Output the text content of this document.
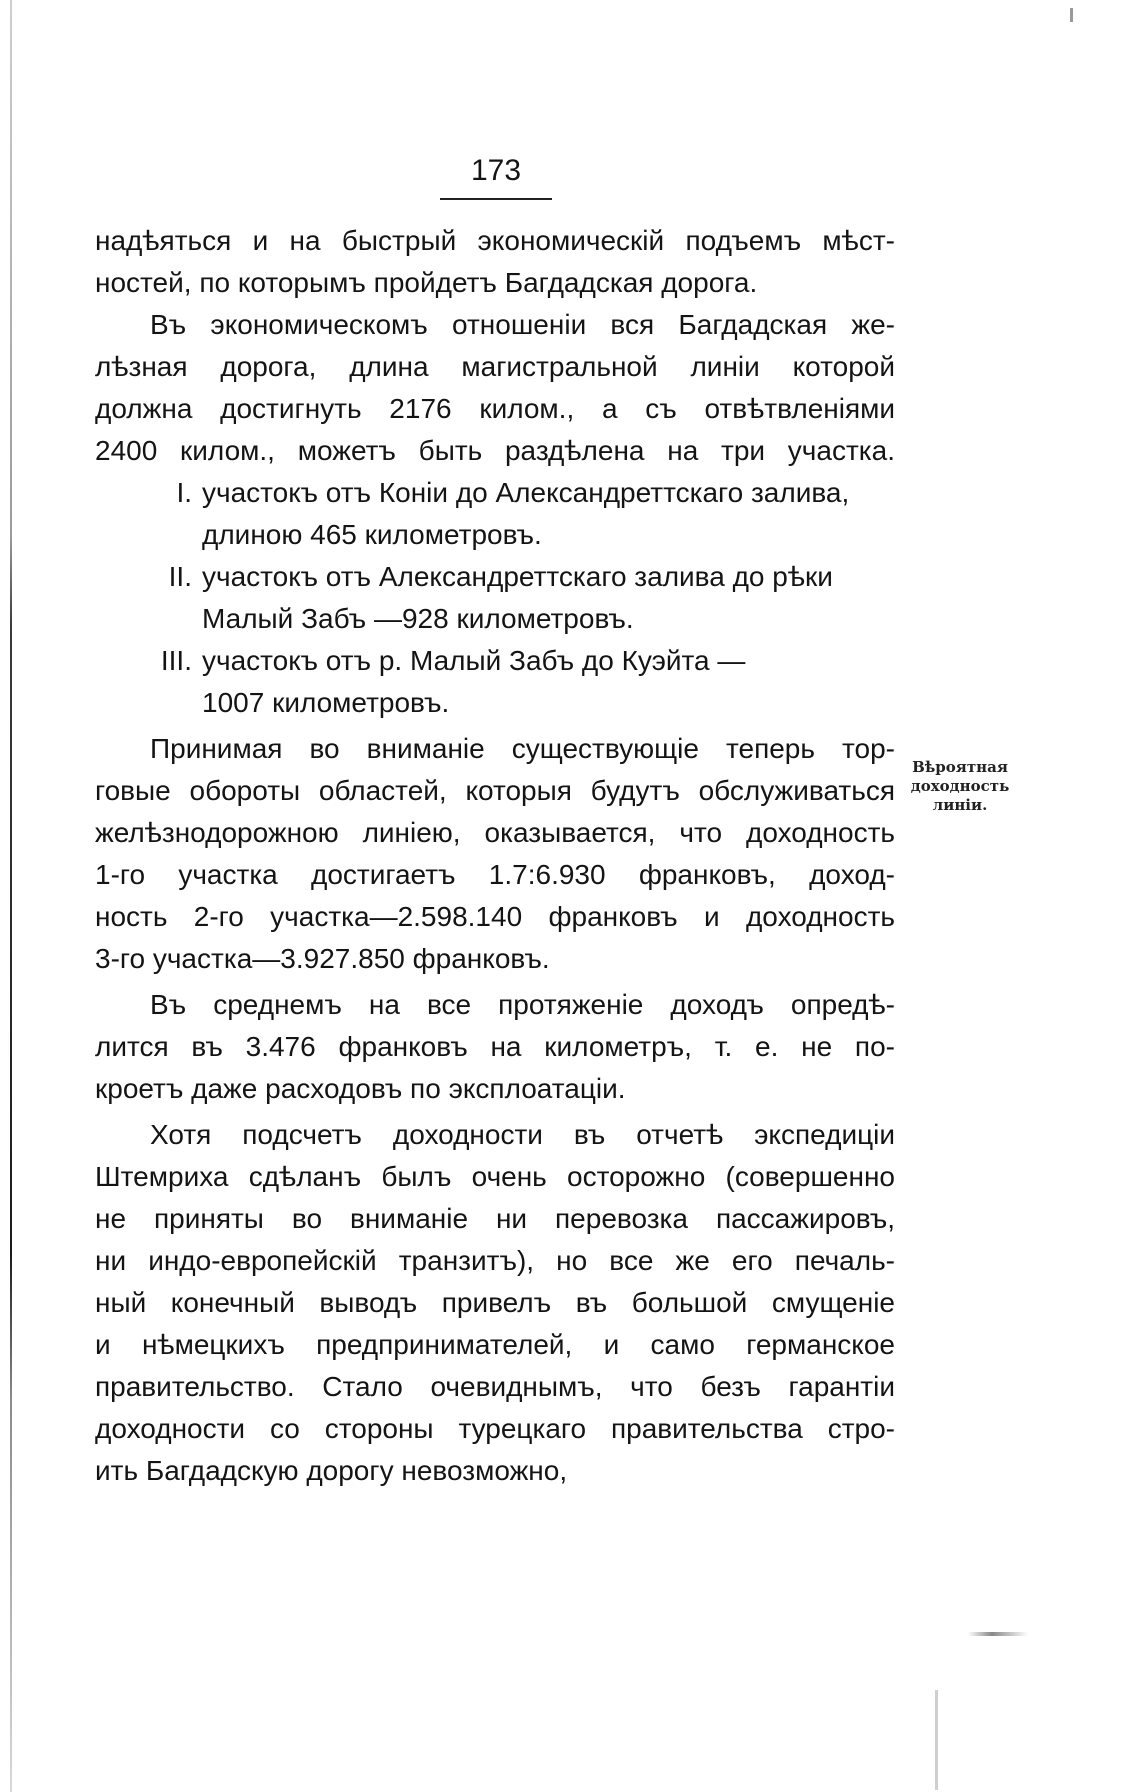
173
надѣяться и на быстрый экономическій подъемъ мѣст-
ностей, по которымъ пройдетъ Багдадская дорога.
Въ экономическомъ отношеніи вся Багдадская же-
лѣзная дорога, длина магистральной линіи которой
должна достигнуть 2176 килом., а съ отвѣтвленіями
2400 килом., можетъ быть раздѣлена на три участка.
I. участокъ отъ Коніи до Александреттскаго залива,
длиною 465 километровъ.
II. участокъ отъ Александреттскаго залива до рѣки
Малый Забъ —928 километровъ.
III. участокъ отъ р. Малый Забъ до Куэйта —
1007 километровъ.
Принимая во вниманіе существующіе теперь тор-
говые обороты областей, которыя будутъ обслуживаться
желѣзнодорожною линіею, оказывается, что доходность
1-го участка достигаетъ 1.7:6.930 франковъ, доход-
ность 2-го участка—2.598.140 франковъ и доходность
3-го участка—3.927.850 франковъ.
Въ среднемъ на все протяженіе доходъ опредѣ-
лится въ 3.476 франковъ на километръ, т. е. не по-
кроетъ даже расходовъ по эксплоатаціи.
Хотя подсчетъ доходности въ отчетѣ экспедиціи
Штемриха сдѣланъ былъ очень осторожно (совершенно
не приняты во вниманіе ни перевозка пассажировъ,
ни индо-европейскій транзитъ), но все же его печаль-
ный конечный выводъ привелъ въ большой смущеніе
и нѣмецкихъ предпринимателей, и само германское
правительство. Стало очевиднымъ, что безъ гарантіи
доходности со стороны турецкаго правительства стро-
ить Багдадскую дорогу невозможно,
Вѣроятная
доходность
линіи.
